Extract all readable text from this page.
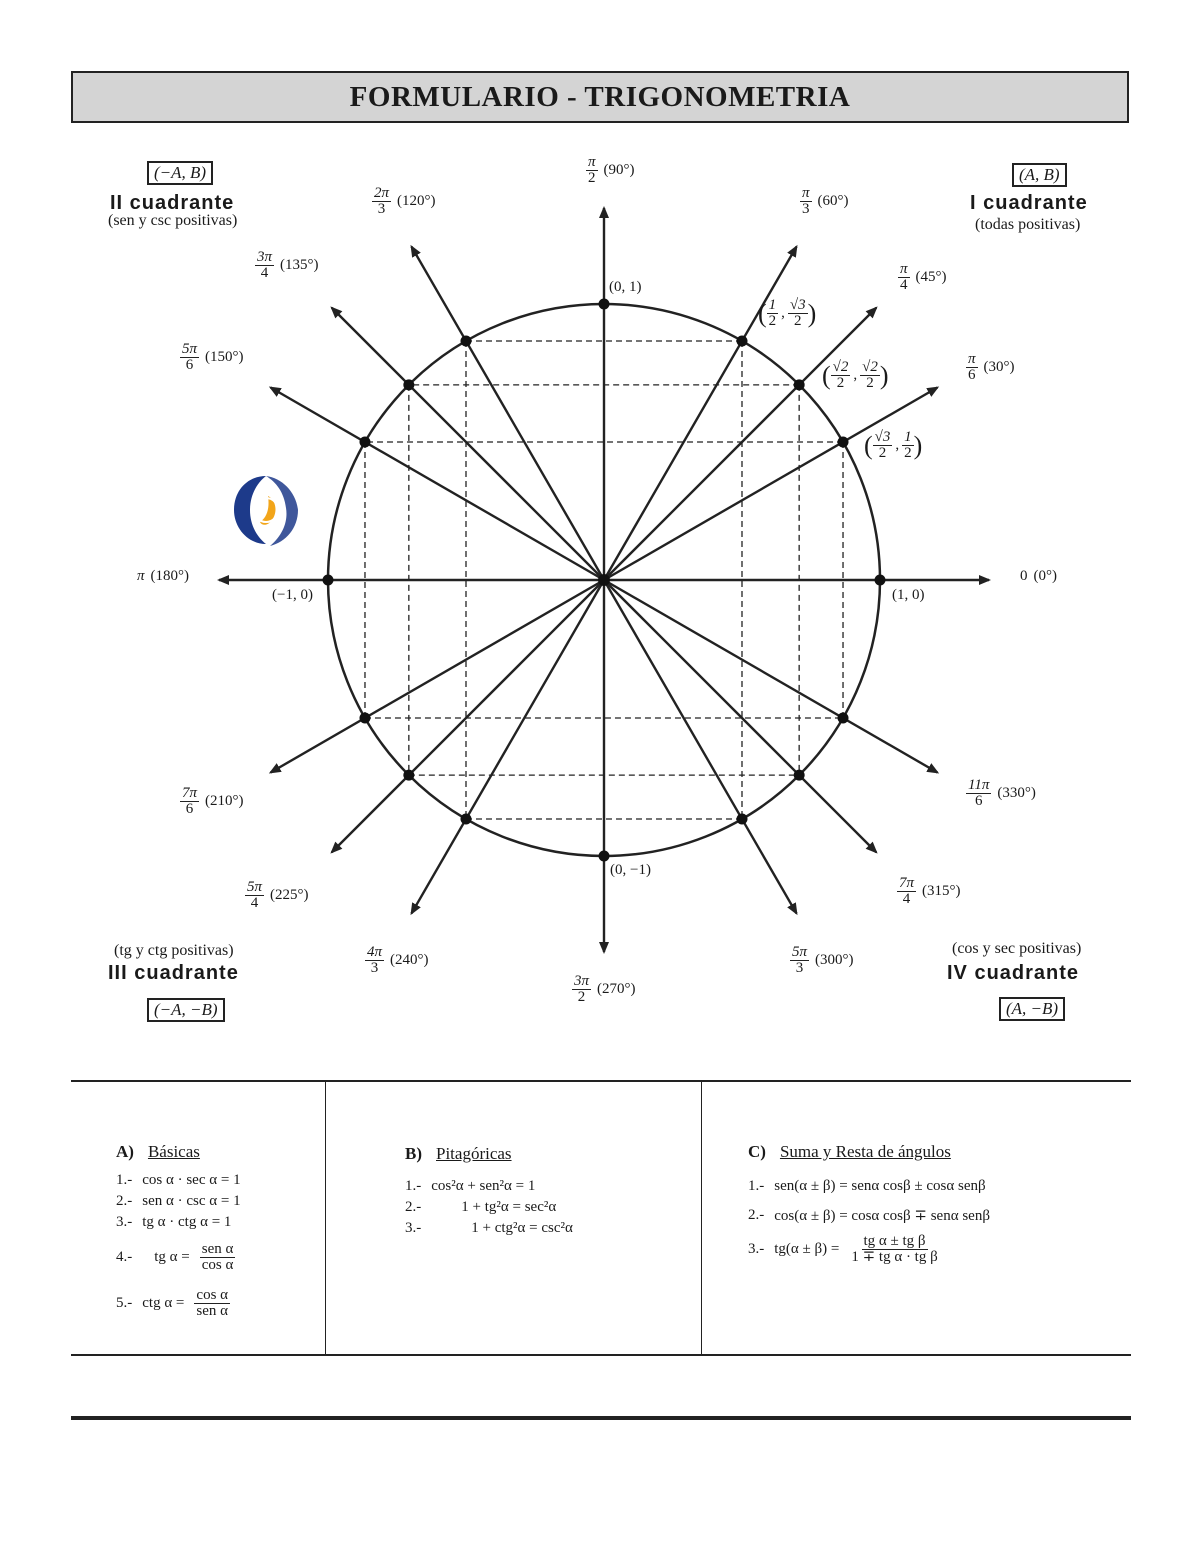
FORMULARIO - TRIGONOMETRIA
(−A, B)
II cuadrante
(sen y csc positivas)
(A, B)
I cuadrante
(todas positivas)
(tg y ctg positivas)
III cuadrante
(−A, −B)
(cos y sec positivas)
IV cuadrante
(A, −B)
(1, 0)
(−1, 0)
(0, 1)
(0, −1)
( $\frac{1}{2}$ , $\frac{√3}{2}$ )
( $\frac{√2}{2}$ , $\frac{√2}{2}$ )
( $\frac{√3}{2}$ , $\frac{1}{2}$ )
0 (0°)
$\frac{\pi}{6} (30^\circ)$
$\frac{\pi}{4} (45^\circ)$
$\frac{\pi}{3} (60^\circ)$
$\frac{\pi}{2} (90^\circ)$
$\frac{2\pi}{3} (120^\circ)$
$\frac{3\pi}{4} (135^\circ)$
$\frac{5\pi}{6} (150^\circ)$
π (180°)
$\frac{7\pi}{6} (210^\circ)$
$\frac{5\pi}{4} (225^\circ)$
$\frac{4\pi}{3} (240^\circ)$
$\frac{3\pi}{2} (270^\circ)$
$\frac{5\pi}{3} (300^\circ)$
$\frac{7\pi}{4} (315^\circ)$
$\frac{11\pi}{6} (330^\circ)$
A) Básicas
1.- cos α · sec α = 1
2.- sen α · csc α = 1
3.- tg α · ctg α = 1
4.- tg $\alpha = \frac{\text{sen α}}{\text{cos α}}$
5.- ctg $\alpha = \frac{\text{cos α}}{\text{sen α}}$
B) Pitagóricas
1.- cos²α + sen²α = 1
2.-	1 + tg²α = sec²α
3.-	1 + ctg²α = csc²α
C) Suma y Resta de ángulos
1.- sen(α ± β) = senα cosβ ± cosα senβ
2.- cos(α ± β) = cosα cosβ ∓ senα senβ
3.- $tg(\alpha \pm \beta) = \frac{\text{tg α ± tg β}}{\text{1 ∓ tg α · tg β}}$
